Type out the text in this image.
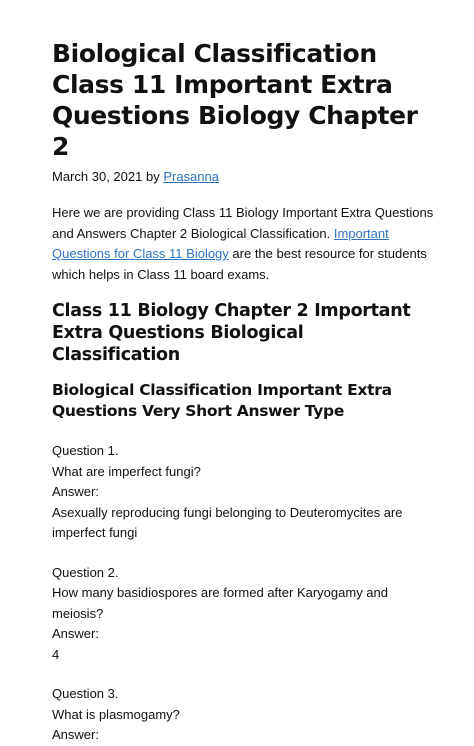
Biological Classification Class 11 Important Extra Questions Biology Chapter 2
March 30, 2021 by Prasanna
Here we are providing Class 11 Biology Important Extra Questions and Answers Chapter 2 Biological Classification. Important Questions for Class 11 Biology are the best resource for students which helps in Class 11 board exams.
Class 11 Biology Chapter 2 Important Extra Questions Biological Classification
Biological Classification Important Extra Questions Very Short Answer Type

Question 1.

What are imperfect fungi?

Answer:

Asexually reproducing fungi belonging to Deuteromycites are imperfect fungi

Question 2.

How many basidiospores are formed after Karyogamy and meiosis?

Answer:

4

Question 3.

What is plasmogamy?

Answer:
